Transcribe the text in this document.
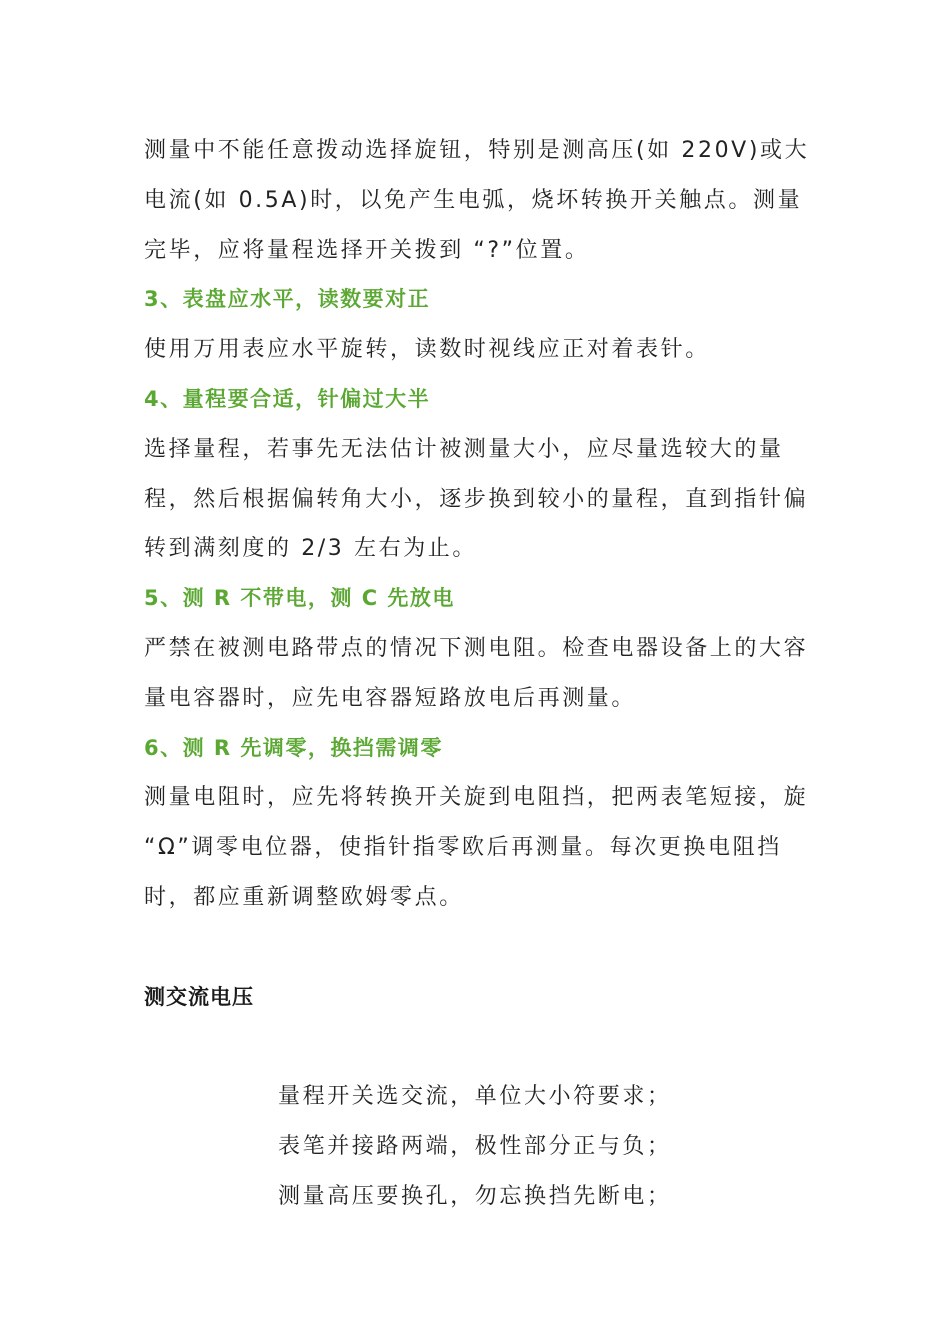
测量中不能任意拨动选择旋钮，特别是测高压(如 220V)或大电流(如 0.5A)时，以免产生电弧，烧坏转换开关触点。测量完毕，应将量程选择开关拨到 “?”位置。

3、表盘应水平，读数要对正

使用万用表应水平旋转，读数时视线应正对着表针。

4、量程要合适，针偏过大半

选择量程，若事先无法估计被测量大小，应尽量选较大的量程，然后根据偏转角大小，逐步换到较小的量程，直到指针偏转到满刻度的 2/3 左右为止。

5、测 R 不带电，测 C 先放电

严禁在被测电路带点的情况下测电阻。检查电器设备上的大容量电容器时，应先电容器短路放电后再测量。

6、测 R 先调零，换挡需调零

测量电阻时，应先将转换开关旋到电阻挡，把两表笔短接，旋 “Ω”调零电位器，使指针指零欧后再测量。每次更换电阻挡时，都应重新调整欧姆零点。

测交流电压

量程开关选交流，单位大小符要求；

表笔并接路两端，极性部分正与负；

测量高压要换孔，勿忘换挡先断电；
